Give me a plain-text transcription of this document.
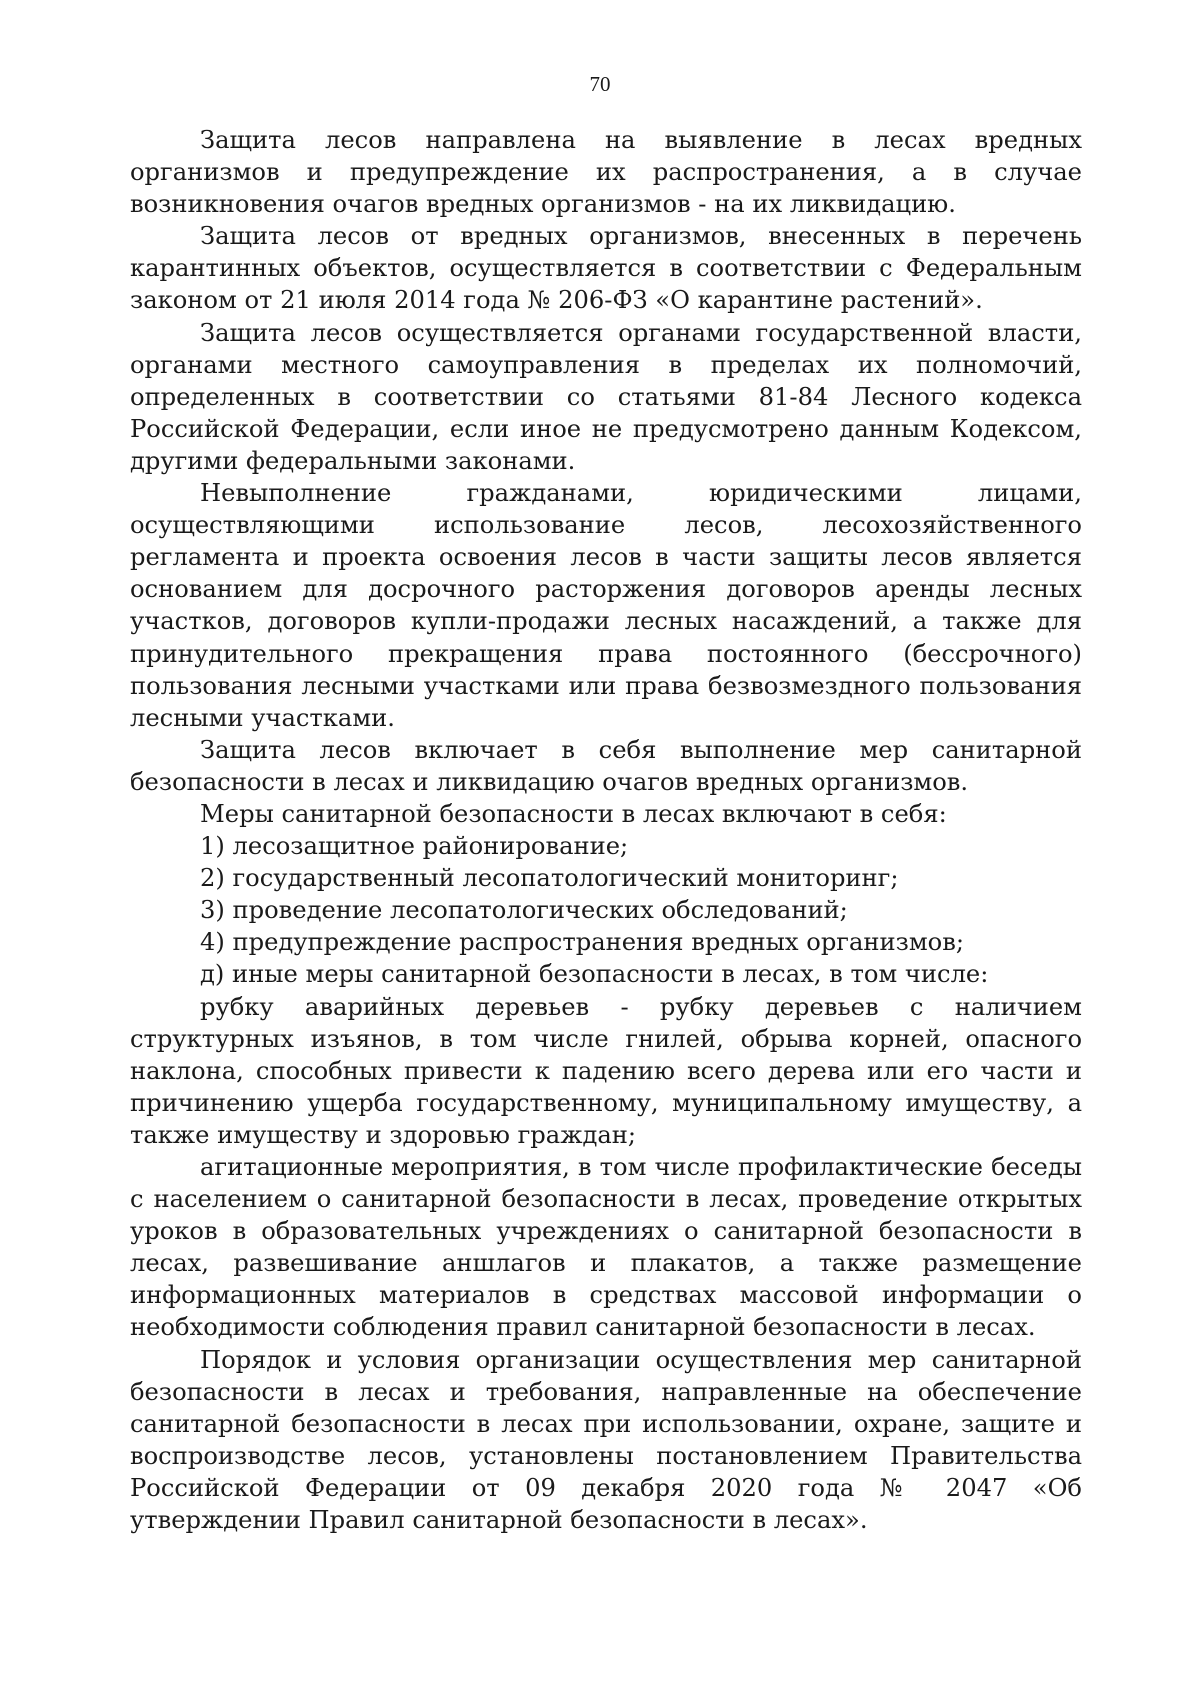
70

Защита лесов направлена на выявление в лесах вредных организмов и предупреждение их распространения, а в случае возникновения очагов вредных организмов - на их ликвидацию.

Защита лесов от вредных организмов, внесенных в перечень карантинных объектов, осуществляется в соответствии с Федеральным законом от 21 июля 2014 года № 206-ФЗ «О карантине растений».

Защита лесов осуществляется органами государственной власти, органами местного самоуправления в пределах их полномочий, определенных в соответствии со статьями 81-84 Лесного кодекса Российской Федерации, если иное не предусмотрено данным Кодексом, другими федеральными законами.

Невыполнение гражданами, юридическими лицами, осуществляющими использование лесов, лесохозяйственного регламента и проекта освоения лесов в части защиты лесов является основанием для досрочного расторжения договоров аренды лесных участков, договоров купли-продажи лесных насаждений, а также для принудительного прекращения права постоянного (бессрочного) пользования лесными участками или права безвозмездного пользования лесными участками.

Защита лесов включает в себя выполнение мер санитарной безопасности в лесах и ликвидацию очагов вредных организмов.

Меры санитарной безопасности в лесах включают в себя:

1) лесозащитное районирование;

2) государственный лесопатологический мониторинг;

3) проведение лесопатологических обследований;

4) предупреждение распространения вредных организмов;

д) иные меры санитарной безопасности в лесах, в том числе:

рубку аварийных деревьев - рубку деревьев с наличием структурных изъянов, в том числе гнилей, обрыва корней, опасного наклона, способных привести к падению всего дерева или его части и причинению ущерба государственному, муниципальному имуществу, а также имуществу и здоровью граждан;

агитационные мероприятия, в том числе профилактические беседы с населением о санитарной безопасности в лесах, проведение открытых уроков в образовательных учреждениях о санитарной безопасности в лесах, развешивание аншлагов и плакатов, а также размещение информационных материалов в средствах массовой информации о необходимости соблюдения правил санитарной безопасности в лесах.

Порядок и условия организации осуществления мер санитарной безопасности в лесах и требования, направленные на обеспечение санитарной безопасности в лесах при использовании, охране, защите и воспроизводстве лесов, установлены постановлением Правительства Российской Федерации от 09 декабря 2020 года № 2047 «Об утверждении Правил санитарной безопасности в лесах».
